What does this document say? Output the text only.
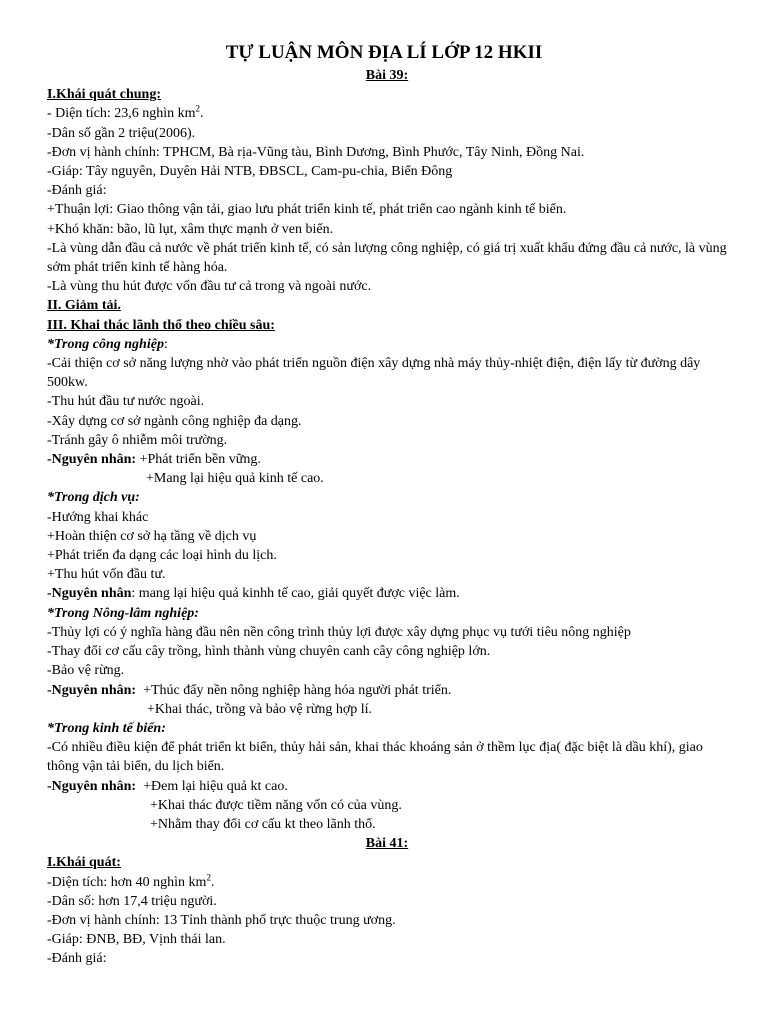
TỰ LUẬN MÔN ĐỊA LÍ LỚP 12 HKII
Bài 39:
I.Khái quát chung:
- Diện tích: 23,6 nghìn $km^2$.
-Dân số gần 2 triệu(2006).
-Đơn vị hành chính: TPHCM, Bà rịa-Vũng tàu, Bình Dương, Bình Phước, Tây Ninh, Đồng Nai.
-Giáp: Tây nguyên, Duyên Hải NTB, ĐBSCL, Cam-pu-chia, Biển Đông
-Đánh giá:
+Thuận lợi: Giao thông vận tải, giao lưu phát triển kinh tế, phát triển cao ngành kinh tế biển.
+Khó khăn: bão, lũ lụt, xâm thực mạnh ở ven biển.
-Là vùng dẫn đầu cả nước về phát triển kinh tế, có sản lượng công nghiệp, có giá trị xuất khẩu đứng đầu cả nước, là vùng sớm phát triển kinh tế hàng hóa.
-Là vùng thu hút được vốn đầu tư cả trong và ngoài nước.
II. Giảm tải.
III. Khai thác lãnh thổ theo chiều sâu:
*Trong công nghiệp:
-Cải thiện cơ sở năng lượng nhờ vào phát triển nguồn điện xây dựng nhà máy thủy-nhiệt điện, điện lấy từ đường dây 500kw.
-Thu hút đầu tư nước ngoài.
-Xây dựng cơ sở ngành công nghiệp đa dạng.
-Tránh gây ô nhiễm môi trường.
-Nguyên nhân: +Phát triển bền vững.
+Mang lại hiệu quả kinh tế cao.
*Trong dịch vụ:
-Hướng khai khác
+Hoàn thiện cơ sở hạ tầng về dịch vụ
+Phát triển đa dạng các loại hình du lịch.
+Thu hút vốn đầu tư.
-Nguyên nhân: mang lại hiệu quả kinhh tế cao, giải quyết được việc làm.
*Trong Nông-lâm nghiệp:
-Thủy lợi có ý nghĩa hàng đầu nên nền công trình thủy lợi được xây dựng phục vụ tưới tiêu nông nghiệp
-Thay đổi cơ cấu cây trồng, hình thành vùng chuyên canh cây công nghiệp lớn.
-Bảo vệ rừng.
-Nguyên nhân:  +Thúc đẩy nền nông nghiệp hàng hóa người phát triển.
+Khai thác, trồng và bảo vệ rừng hợp lí.
*Trong kinh tế biển:
-Có nhiều điều kiện để phát triển kt biển, thủy hải sản, khai thác khoáng sản ở thềm lục địa( đặc biệt là dầu khí), giao thông vận tải biển, du lịch biển.
-Nguyên nhân:  +Đem lại hiệu quả kt cao.
+Khai thác được tiềm năng vốn có của vùng.
+Nhằm thay đổi cơ cấu kt theo lãnh thổ.
Bài 41:
I.Khái quát:
-Diện tích: hơn 40 nghìn $km^2$.
-Dân số: hơn 17,4 triệu người.
-Đơn vị hành chính: 13 Tỉnh thành phố trực thuộc trung ương.
-Giáp: ĐNB, BĐ, Vịnh thái lan.
-Đánh giá:
